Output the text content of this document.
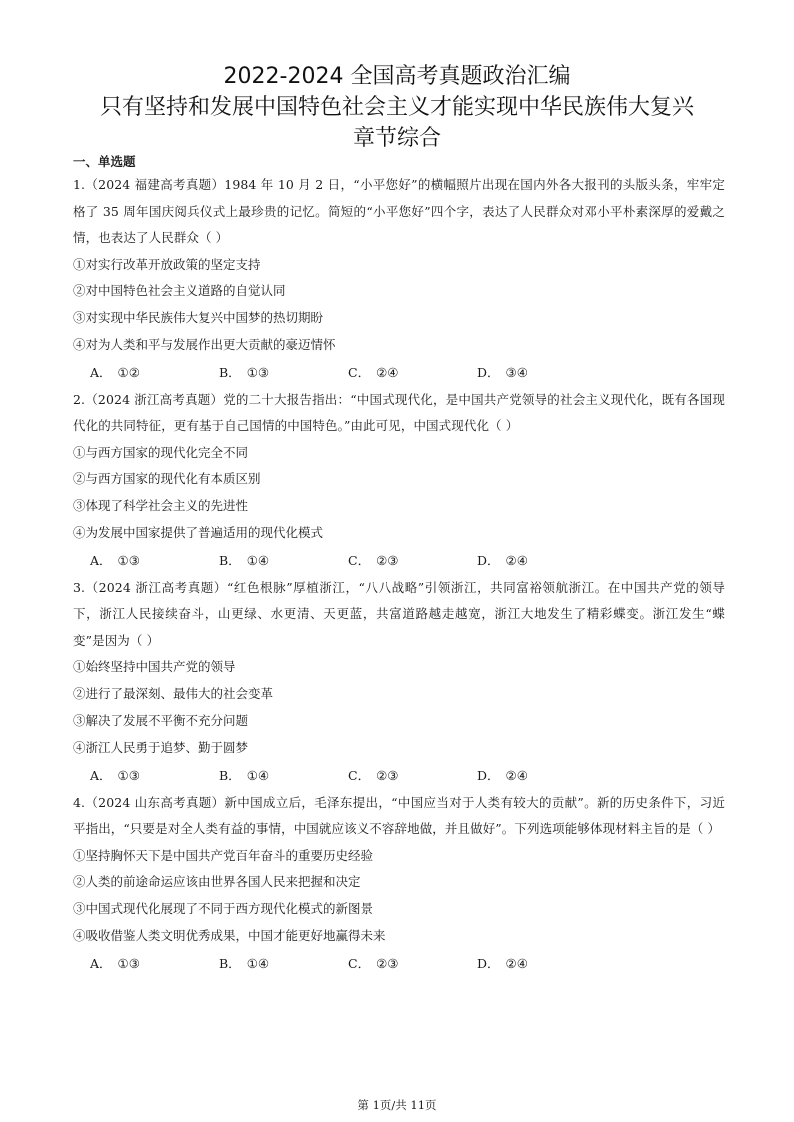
2022-2024 全国高考真题政治汇编
只有坚持和发展中国特色社会主义才能实现中华民族伟大复兴
章节综合
一、单选题

1.（2024 福建高考真题）1984 年 10 月 2 日，“小平您好”的横幅照片出现在国内外各大报刊的头版头条，牢牢定格了 35 周年国庆阅兵仪式上最珍贵的记忆。简短的“小平您好”四个字，表达了人民群众对邓小平朴素深厚的爱戴之情，也表达了人民群众（ ）

①对实行改革开放政策的坚定支持

②对中国特色社会主义道路的自觉认同

③对实现中华民族伟大复兴中国梦的热切期盼

④对为人类和平与发展作出更大贡献的豪迈情怀

A． ①②	B． ①③	C． ②④	D． ③④

2.（2024 浙江高考真题）党的二十大报告指出：“中国式现代化，是中国共产党领导的社会主义现代化，既有各国现代化的共同特征，更有基于自己国情的中国特色。”由此可见，中国式现代化（ ）

①与西方国家的现代化完全不同

②与西方国家的现代化有本质区别

③体现了科学社会主义的先进性

④为发展中国家提供了普遍适用的现代化模式

A． ①③	B． ①④	C． ②③	D． ②④

3.（2024 浙江高考真题）“红色根脉”厚植浙江，“八八战略”引领浙江，共同富裕领航浙江。在中国共产党的领导下，浙江人民接续奋斗，山更绿、水更清、天更蓝，共富道路越走越宽，浙江大地发生了精彩蝶变。浙江发生“蝶变”是因为（ ）

①始终坚持中国共产党的领导

②进行了最深刻、最伟大的社会变革

③解决了发展不平衡不充分问题

④浙江人民勇于追梦、勤于圆梦

A． ①③	B． ①④	C． ②③	D． ②④

4.（2024 山东高考真题）新中国成立后，毛泽东提出，“中国应当对于人类有较大的贡献”。新的历史条件下，习近平指出，“只要是对全人类有益的事情，中国就应该义不容辞地做，并且做好”。下列选项能够体现材料主旨的是（ ）

①坚持胸怀天下是中国共产党百年奋斗的重要历史经验

②人类的前途命运应该由世界各国人民来把握和决定

③中国式现代化展现了不同于西方现代化模式的新图景

④吸收借鉴人类文明优秀成果，中国才能更好地赢得未来

A． ①③	B． ①④	C． ②③	D． ②④
第 1页/共 11页
